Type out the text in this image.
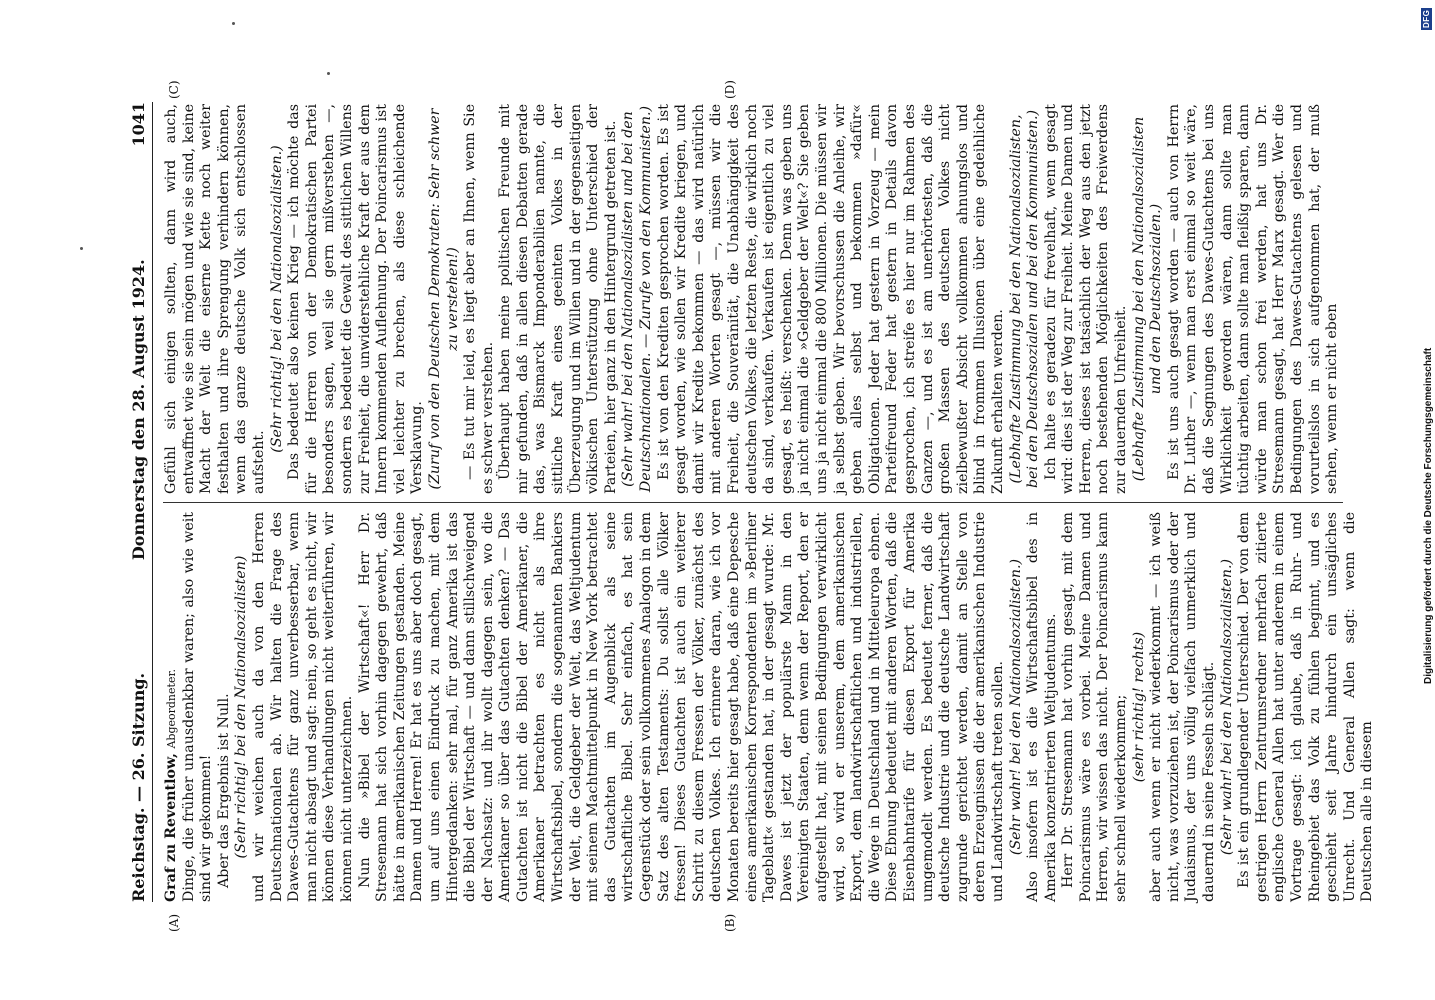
DFG
Digitalisierung gefördert durch die Deutsche Forschungsgemeinschaft
Reichstag. — 26. Sitzung.
Donnerstag den 28. August 1924.
1041
(A)	(B)
(C)	(D)

Graf zu Reventlow, Abgeordneter. Dinge, die früher unausdenkbar waren; also wie weit sind wir gekommen! Aber das Ergebnis ist Null. (Sehr richtig! bei den Nationalsozialisten) und wir weichen auch da von den Herren Deutschnationalen ab. Wir halten die Frage des Dawes-Gutachtens für ganz unverbesserbar, wenn man nicht absagt und sagt: nein, so geht es nicht, wir können diese Verhandlungen nicht weiterführen, wir können nicht unterzeichnen. Nun die »Bibel der Wirtschaft«! Herr Dr. Stresemann hat sich vorhin dagegen gewehrt, daß hätte in amerikanischen Zeitungen gestanden. Meine Damen und Herren! Er hat es uns aber doch gesagt, um auf uns einen Eindruck zu machen, mit dem Hintergedanken: sehr mal, für ganz Amerika ist das die Bibel der Wirtschaft — und dann stillschweigend der Nachsatz: und ihr wollt dagegen sein, wo die Amerikaner so über das Gutachten denken? — Das Gutachten ist nicht die Bibel der Amerikaner, die Amerikaner betrachten es nicht als ihre Wirtschaftsbibel, sondern die sogenannten Bankiers der Welt, die Geldgeber der Welt, das Weltjudentum mit seinem Machtmittelpunkt in New York betrachtet das Gutachten im Augenblick als seine wirtschaftliche Bibel. Sehr einfach, es hat sein Gegenstück oder sein vollkommenes Analogon in dem Satz des alten Testaments: Du sollst alle Völker fressen! Dieses Gutachten ist auch ein weiterer Schritt zu diesem Fressen der Völker, zunächst des deutschen Volkes. Ich erinnere daran, wie ich vor Monaten bereits hier gesagt habe, daß eine Depesche eines amerikanischen Korrespondenten im »Berliner Tageblatt« gestanden hat, in der gesagt wurde: Mr. Dawes ist jetzt der populärste Mann in den Vereinigten Staaten, denn wenn der Report, den er aufgestellt hat, mit seinen Bedingungen verwirklicht wird, so wird er unserem, dem amerikanischen Export, dem landwirtschaftlichen und industriellen, die Wege in Deutschland und in Mitteleuropa ebnen. Diese Ebnung bedeutet mit anderen Worten, daß die Eisenbahntarife für diesen Export für Amerika umgemodelt werden. Es bedeutet ferner, daß die deutsche Industrie und die deutsche Landwirtschaft zugrunde gerichtet werden, damit an Stelle von deren Erzeugnissen die der amerikanischen Industrie und Landwirtschaft treten sollen. (Sehr wahr! bei den Nationalsozialisten.) Also insofern ist es die Wirtschaftsbibel des in Amerika konzentrierten Weltjudentums. Herr Dr. Stresemann hat vorhin gesagt, mit dem Poincarismus wäre es vorbei. Meine Damen und Herren, wir wissen das nicht. Der Poincarismus kann sehr schnell wiederkommen; (sehr richtig! rechts) aber auch wenn er nicht wiederkommt — ich weiß nicht, was vorzuziehen ist, der Poincarismus oder der Judaismus, der uns völlig vielfach unmerklich und dauernd in seine Fesseln schlägt. (Sehr wahr! bei den Nationalsozialisten.) Es ist ein grundlegender Unterschied. Der von dem gestrigen Herrn Zentrumsredner mehrfach zitierte englische General Allen hat unter anderem in einem Vortrage gesagt: ich glaube, daß in Ruhr- und Rheingebiet das Volk zu fühlen beginnt, und es geschieht seit Jahre hindurch ein unsägliches Unrecht. Und General Allen sagt: wenn die Deutschen alle in diesem

Gefühl sich einigen sollten, dann wird auch, entwaffnet wie sie sein mögen und wie sie sind, keine Macht der Welt die eiserne Kette noch weiter festhalten und ihre Sprengung verhindern können, wenn das ganze deutsche Volk sich entschlossen aufsteht.

(Sehr richtig! bei den Nationalsozialisten.) Das bedeutet also keinen Krieg — ich möchte das für die Herren von der Demokratischen Partei besonders sagen, weil sie gern mißverstehen —, sondern es bedeutet die Gewalt des sittlichen Willens zur Freiheit, die unwiderstehliche Kraft der aus dem Innern kommenden Auflehnung. Der Poincarismus ist viel leichter zu brechen, als diese schleichende Versklavung. (Zuruf von den Deutschen Demokraten: Sehr schwer zu verstehen!) — Es tut mir leid, es liegt aber an Ihnen, wenn Sie es schwer verstehen. Überhaupt haben meine politischen Freunde mit mir gefunden, daß in allen diesen Debatten gerade das, was Bismarck Imponderabilien nannte, die sittliche Kraft eines geeinten Volkes in der Überzeugung und im Willen und in der gegenseitigen völkischen Unterstützung ohne Unterschied der Parteien, hier ganz in den Hintergrund getreten ist. (Sehr wahr! bei den Nationalsozialisten und bei den Deutschnationalen. — Zurufe von den Kommunisten.) Es ist von den Krediten gesprochen worden. Es ist gesagt worden, wie sollen wir Kredite kriegen, und damit wir Kredite bekommen — das wird natürlich mit anderen Worten gesagt —, müssen wir die Freiheit, die Souveränität, die Unabhängigkeit des deutschen Volkes, die letzten Reste, die wirklich noch da sind, verkaufen. Verkaufen ist eigentlich zu viel gesagt, es heißt: verschenken. Denn was geben uns ja nicht einmal die »Geldgeber der Welt«? Sie geben uns ja nicht einmal die 800 Millionen. Die müssen wir ja selbst geben. Wir bevorschussen die Anleihe, wir geben alles selbst und bekommen »dafür« Obligationen. Jeder hat gestern in Vorzeug — mein Parteifreund Feder hat gestern in Details davon gesprochen, ich streife es hier nur im Rahmen des Ganzen —, und es ist am unerhörtesten, daß die großen Massen des deutschen Volkes nicht zielbewußter Absicht vollkommen ahnungslos und blind in frommen Illusionen über eine gedeihliche Zukunft erhalten werden. (Lebhafte Zustimmung bei den Nationalsozialisten, bei den Deutschsozialen und bei den Kommunisten.) Ich halte es geradezu für frevelhaft, wenn gesagt wird: dies ist der Weg zur Freiheit. Meine Damen und Herren, dieses ist tatsächlich der Weg aus den jetzt noch bestehenden Möglichkeiten des Freiwerdens zur dauernden Unfreiheit. (Lebhafte Zustimmung bei den Nationalsozialisten und den Deutschsozialen.) Es ist uns auch gesagt worden — auch von Herrn Dr. Luther —, wenn man erst einmal so weit wäre, daß die Segnungen des Dawes-Gutachtens bei uns Wirklichkeit geworden wären, dann sollte man tüchtig arbeiten, dann sollte man fleißig sparen, dann würde man schon frei werden, hat uns Dr. Stresemann gesagt, hat Herr Marx gesagt. Wer die Bedingungen des Dawes-Gutachtens gelesen und vorurteilslos in sich aufgenommen hat, der muß sehen, wenn er nicht eben
